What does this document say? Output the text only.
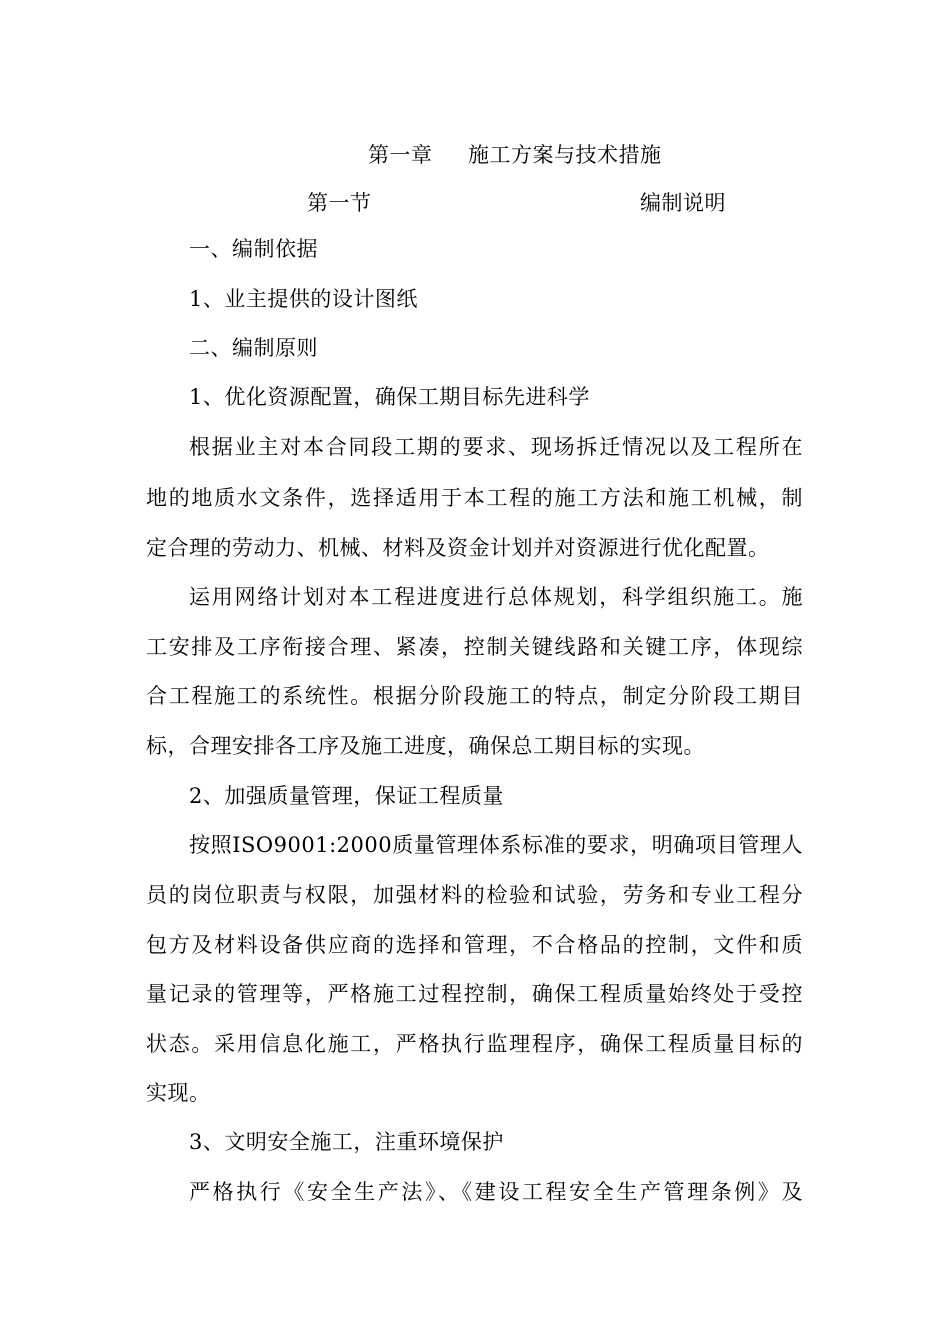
第一章 施工方案与技术措施
第一节	编制说明
一、编制依据
1、业主提供的设计图纸
二、编制原则
1、优化资源配置，确保工期目标先进科学
根据业主对本合同段工期的要求、现场拆迁情况以及工程所在
地的地质水文条件，选择适用于本工程的施工方法和施工机械，制
定合理的劳动力、机械、材料及资金计划并对资源进行优化配置。
运用网络计划对本工程进度进行总体规划，科学组织施工。施
工安排及工序衔接合理、紧凑，控制关键线路和关键工序，体现综
合工程施工的系统性。根据分阶段施工的特点，制定分阶段工期目
标，合理安排各工序及施工进度，确保总工期目标的实现。
2、加强质量管理，保证工程质量
按照ISO9001:2000质量管理体系标准的要求，明确项目管理人
员的岗位职责与权限，加强材料的检验和试验，劳务和专业工程分
包方及材料设备供应商的选择和管理，不合格品的控制，文件和质
量记录的管理等，严格施工过程控制，确保工程质量始终处于受控
状态。采用信息化施工，严格执行监理程序，确保工程质量目标的
实现。
3、文明安全施工，注重环境保护
严格执行《安全生产法》、《建设工程安全生产管理条例》及
